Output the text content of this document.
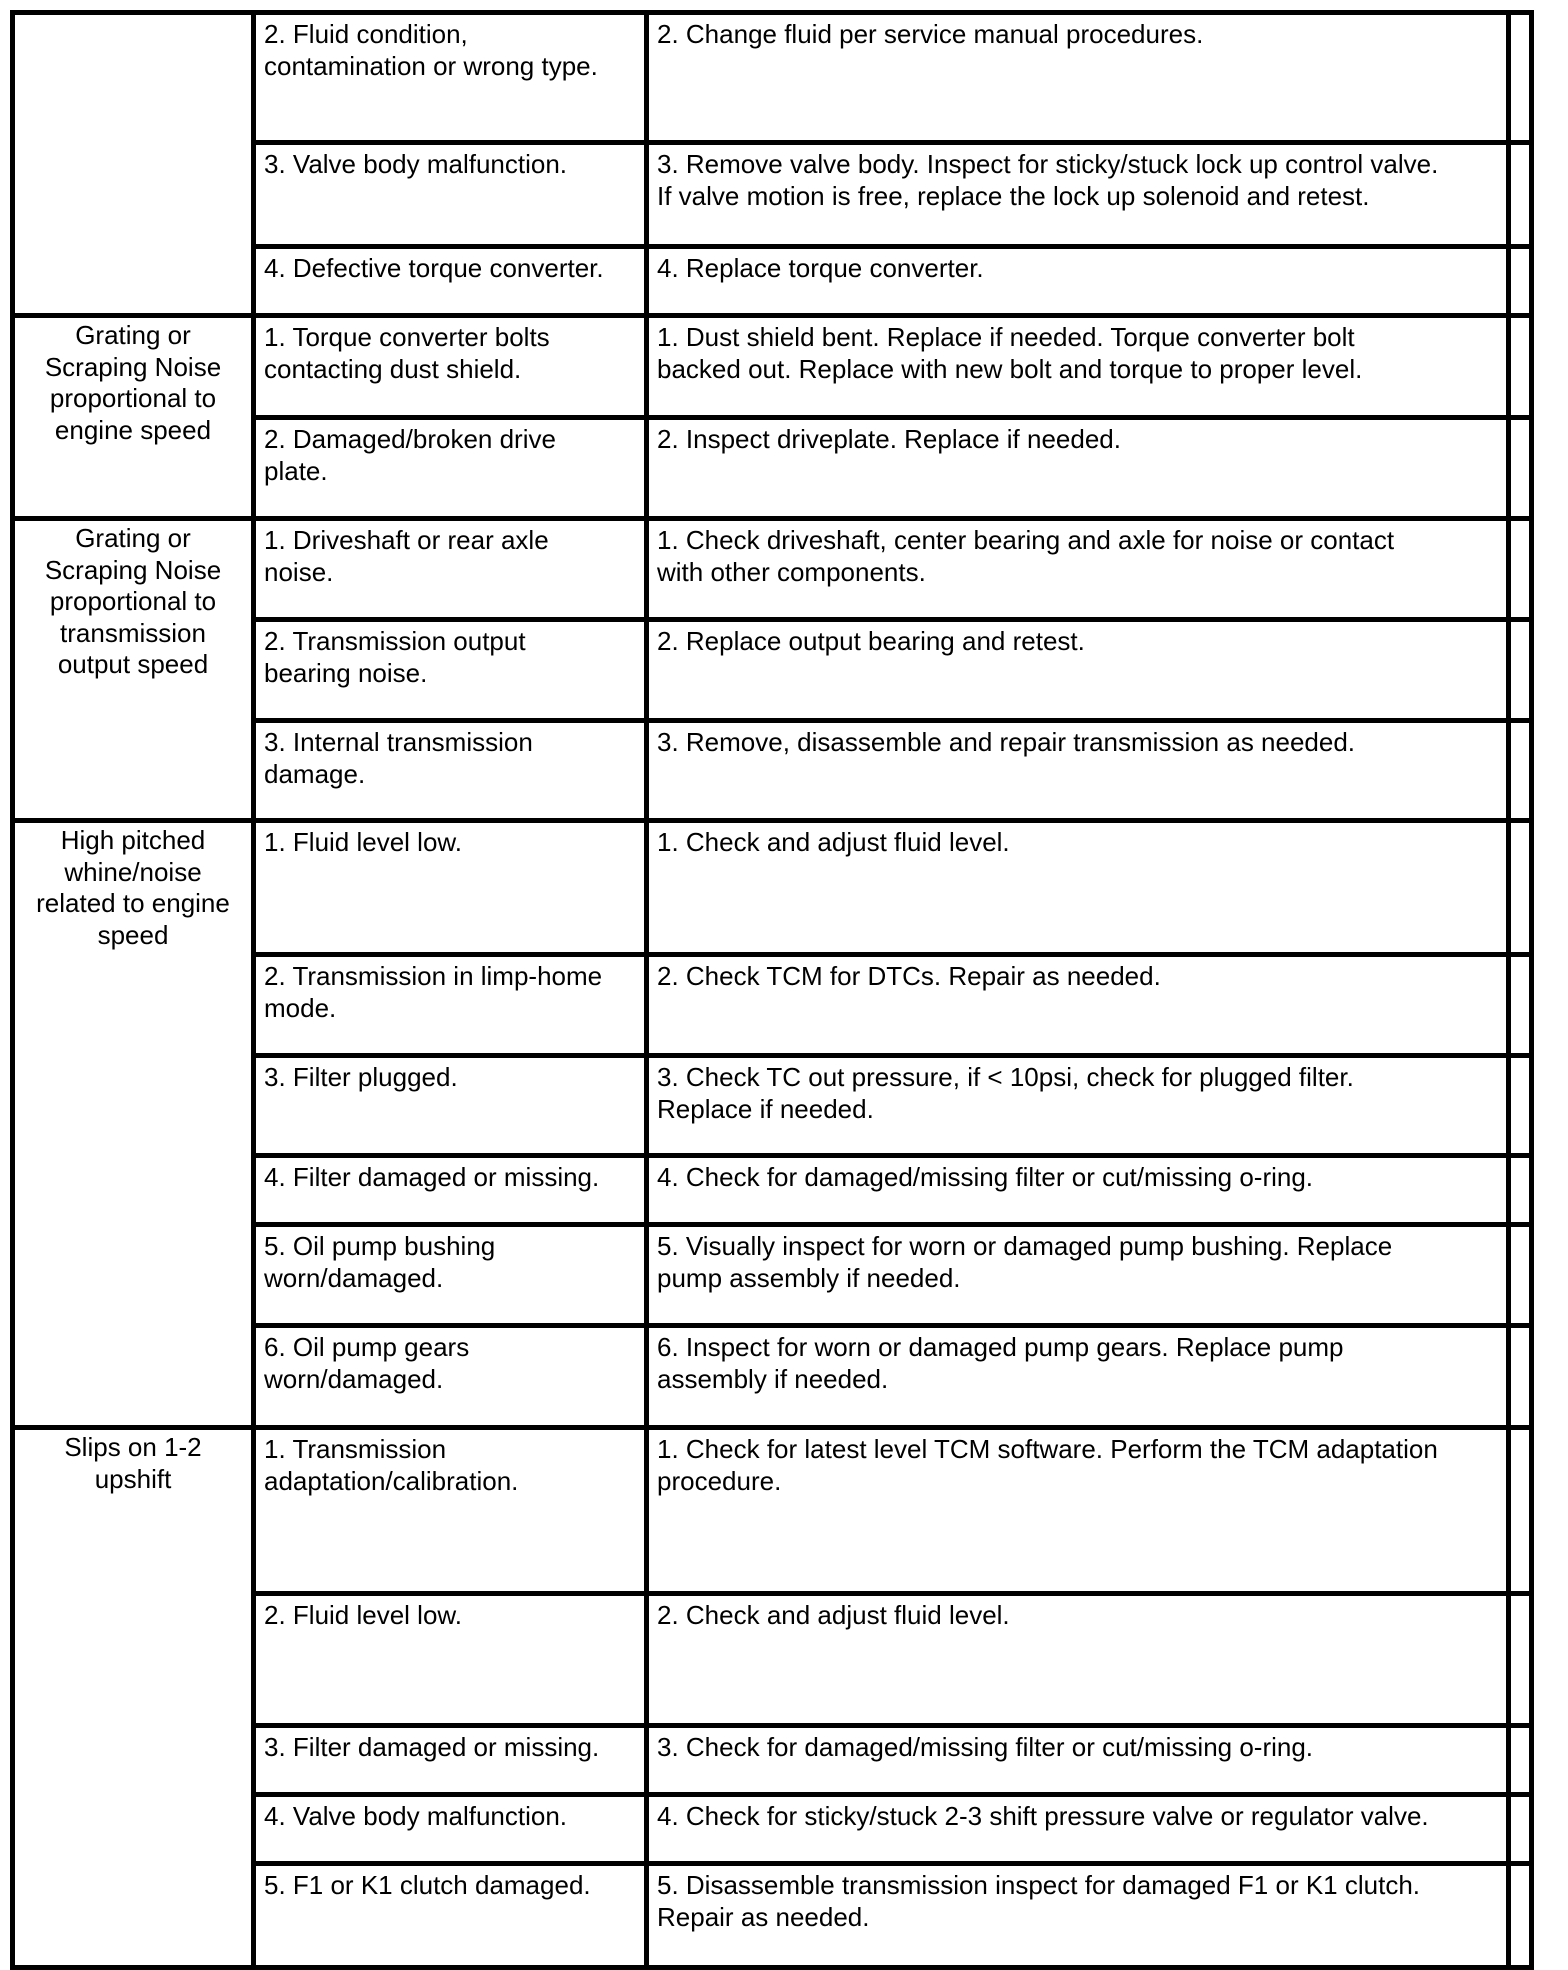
	2. Fluid condition,
contamination or wrong type.	2. Change fluid per service manual procedures.	

	3. Valve body malfunction.	3. Remove valve body. Inspect for sticky/stuck lock up control valve.
If valve motion is free, replace the lock up solenoid and retest.	

	4. Defective torque converter.	4. Replace torque converter.	

Grating or
Scraping Noise
proportional to
engine speed	1. Torque converter bolts
contacting dust shield.	1. Dust shield bent. Replace if needed. Torque converter bolt
backed out. Replace with new bolt and torque to proper level.	

	2. Damaged/broken drive
plate.	2. Inspect driveplate. Replace if needed.	

Grating or
Scraping Noise
proportional to
transmission
output speed	1. Driveshaft or rear axle
noise.	1. Check driveshaft, center bearing and axle for noise or contact
with other components.	

	2. Transmission output
bearing noise.	2. Replace output bearing and retest.	

	3. Internal transmission
damage.	3. Remove, disassemble and repair transmission as needed.	

High pitched
whine/noise
related to engine
speed	1. Fluid level low.	1. Check and adjust fluid level.	

	2. Transmission in limp-home
mode.	2. Check TCM for DTCs. Repair as needed.	

	3. Filter plugged.	3. Check TC out pressure, if < 10psi, check for plugged filter.
Replace if needed.	

	4. Filter damaged or missing.	4. Check for damaged/missing filter or cut/missing o-ring.	

	5. Oil pump bushing
worn/damaged.	5. Visually inspect for worn or damaged pump bushing. Replace
pump assembly if needed.	

	6. Oil pump gears
worn/damaged.	6. Inspect for worn or damaged pump gears. Replace pump
assembly if needed.	

Slips on 1-2
upshift	1. Transmission
adaptation/calibration.	1. Check for latest level TCM software. Perform the TCM adaptation
procedure.	

	2. Fluid level low.	2. Check and adjust fluid level.	

	3. Filter damaged or missing.	3. Check for damaged/missing filter or cut/missing o-ring.	

	4. Valve body malfunction.	4. Check for sticky/stuck 2-3 shift pressure valve or regulator valve.	

	5. F1 or K1 clutch damaged.	5. Disassemble transmission inspect for damaged F1 or K1 clutch.
Repair as needed.	
